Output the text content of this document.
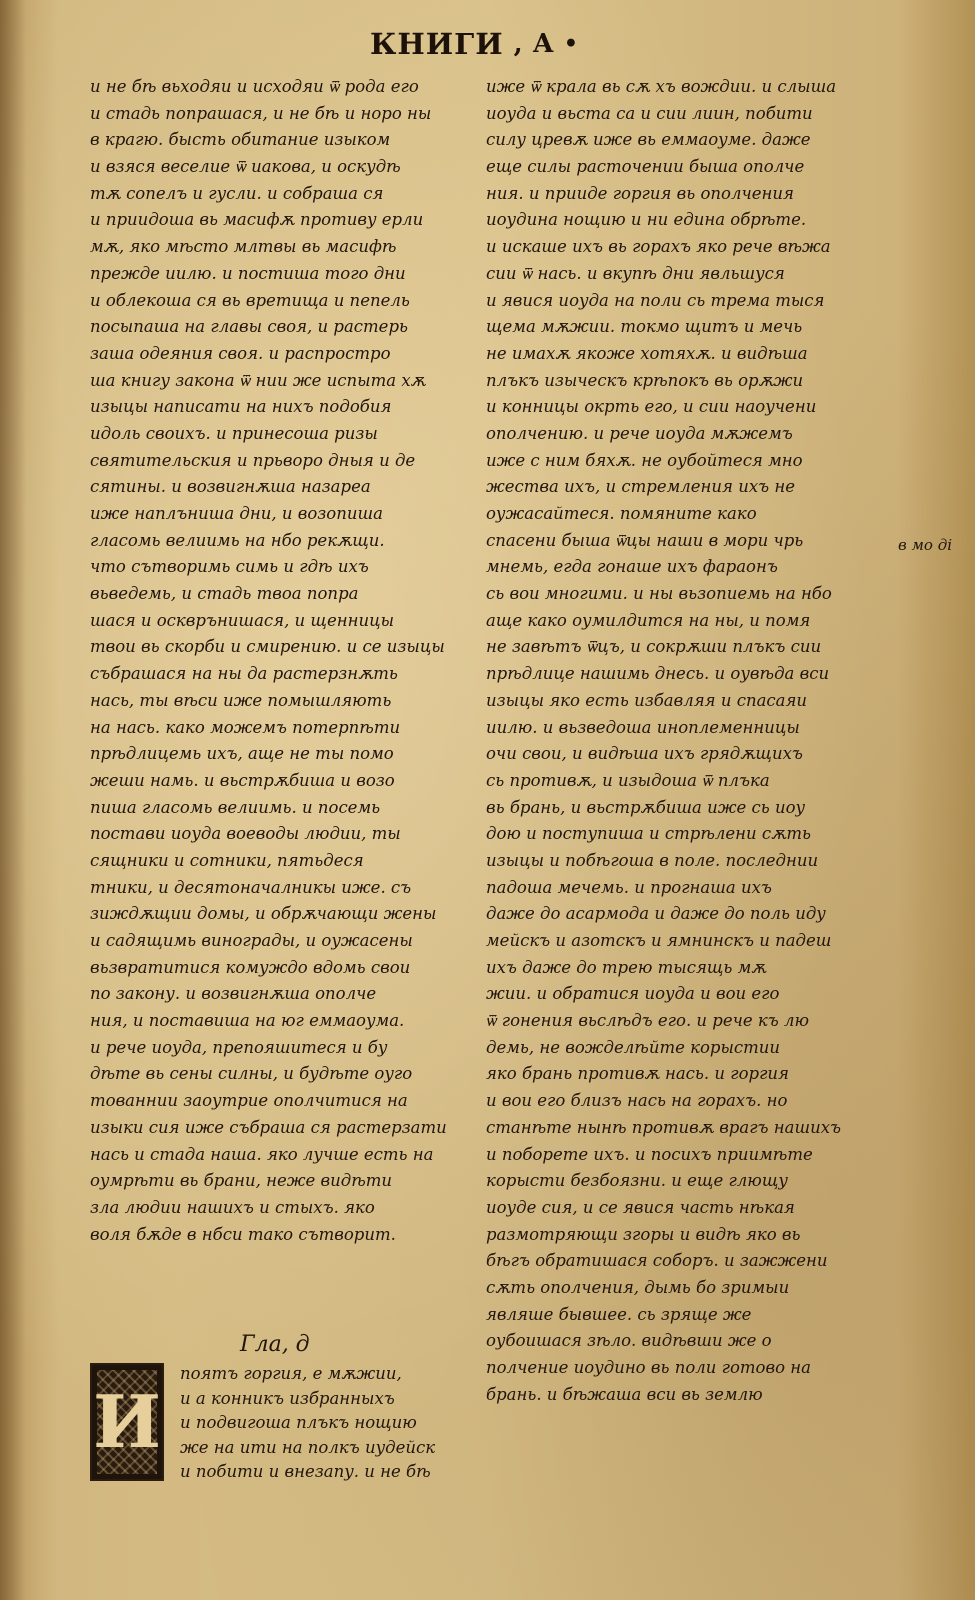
КНИГИ , А •
и не бѣ вьходяи и исходяи ѿ рода его
и стадь попрашася, и не бѣ и норо ны
в крагю. бысть обитание изыком
и взяся веселие ѿ иакова, и оскудѣ
тѫ сопелъ и гусли. и собраша ся
и приидоша вь масифѫ противу ерли
мѫ, яко мѣсто млтвы вь масифѣ
прежде иилю. и постиша того дни
и облекоша ся вь вретища и пепель
посыпаша на главы своя, и растерь
заша одеяния своя. и распростро
ша книгу закона ѿ нии же испыта хѫ
изыцы написати на нихъ подобия
идоль своихъ. и принесоша ризы
святительския и прьворо дныя и де
сятины. и возвигнѫша назареа
иже наплъниша дни, и возопиша
гласомь велиимь на нбо рекѫщи.
что сътворимь симь и гдѣ ихъ
вьведемь, и стадь твоа попра
шася и оскврънишася, и щенницы
твои вь скорби и смирению. и се изыцы
събрашася на ны да растерзнѫть
нась, ты вѣси иже помышляють
на нась. како можемъ потерпѣти
прѣдлицемь ихъ, аще не ты помо
жеши намь. и вьстрѫбиша и возо
пиша гласомь велиимь. и посемь
постави иоуда воеводы людии, ты
сящники и сотники, пятьдеся
тники, и десятоначалникы иже. съ
зиждѫщии домы, и обрѫчающи жены
и садящимь винограды, и оужасены
вьзвратитися комуждо вдомь свои
по закону. и возвигнѫша ополче
ния, и поставиша на юг еммаоума.
и рече иоуда, препояшитеся и бу
дѣте вь сены силны, и будѣте оуго
тованнии заоутрие ополчитися на
изыки сия иже събраша ся растерзати
нась и стада наша. яко лучше есть на
оумрѣти вь брани, неже видѣти
зла людии нашихъ и стыхъ. яко
воля бѫде в нбси тако сътворит.
иже ѿ крала вь сѫ хъ вождии. и слыша
иоуда и вьста са и сии лиин, побити
силу цревѫ иже вь еммаоуме. даже
еще силы расточении быша ополче
ния. и прииде горгия вь ополчения
иоудина нощию и ни едина обрѣте.
и искаше ихъ вь горахъ яко рече вѣжа
сии ѿ нась. и вкупѣ дни явльшуся
и явися иоуда на поли сь трема тыся
щема мѫжии. токмо щитъ и мечь
не имахѫ якоже хотяхѫ. и видѣша
плъкъ изыческъ крѣпокъ вь орѫжи
и конницы окрть его, и сии наоучени
ополчению. и рече иоуда мѫжемъ
иже с ним бяхѫ. не оубойтеся мно
жества ихъ, и стремления ихъ не
оужасайтеся. помяните како
спасени быша ѿцы наши в мори чрь
мнемь, егда гонаше ихъ фараонъ
сь вои многими. и ны вьзопиемь на нбо
аще како оумилдится на ны, и помя
не завѣтъ ѿцъ, и сокрѫши плъкъ сии
прѣдлице нашимь днесь. и оувѣда вси
изыцы яко есть избавляя и спасаяи
иилю. и вьзведоша иноплеменницы
очи свои, и видѣша ихъ грядѫщихъ
сь противѫ, и изыдоша ѿ плъка
вь брань, и вьстрѫбиша иже сь иоу
дою и поступиша и стрѣлени сѫть
изыцы и побѣгоша в поле. последнии
падоша мечемь. и прогнаша ихъ
даже до асармода и даже до поль иду
мейскъ и азотскъ и ямнинскъ и падеш
ихъ даже до трею тысящь мѫ
жии. и обратися иоуда и вои его
ѿ гонения вьслѣдъ его. и рече къ лю
демь, не вожделѣйте корыстии
яко брань противѫ нась. и горгия
и вои его близъ нась на горахъ. но
станѣте нынѣ противѫ врагъ нашихъ
и поборете ихъ. и посихъ приимѣте
корысти безбоязни. и еще глющу
иоуде сия, и се явися часть нѣкая
размотряющи згоры и видѣ яко вь
бѣгъ обратишася соборъ. и зажжени
сѫть ополчения, дымь бо зримыи
являше бывшее. сь зряще же
оубоишася зѣло. видѣвши же о
полчение иоудино вь поли готово на
брань. и бѣжаша вси вь землю
в мо ді
Гла, д
И
поятъ горгия, е мѫжии,
и а конникъ избранныхъ
и подвигоша плъкъ нощию
же на ити на полкъ иудейск
и побити и внезапу. и не бѣ
